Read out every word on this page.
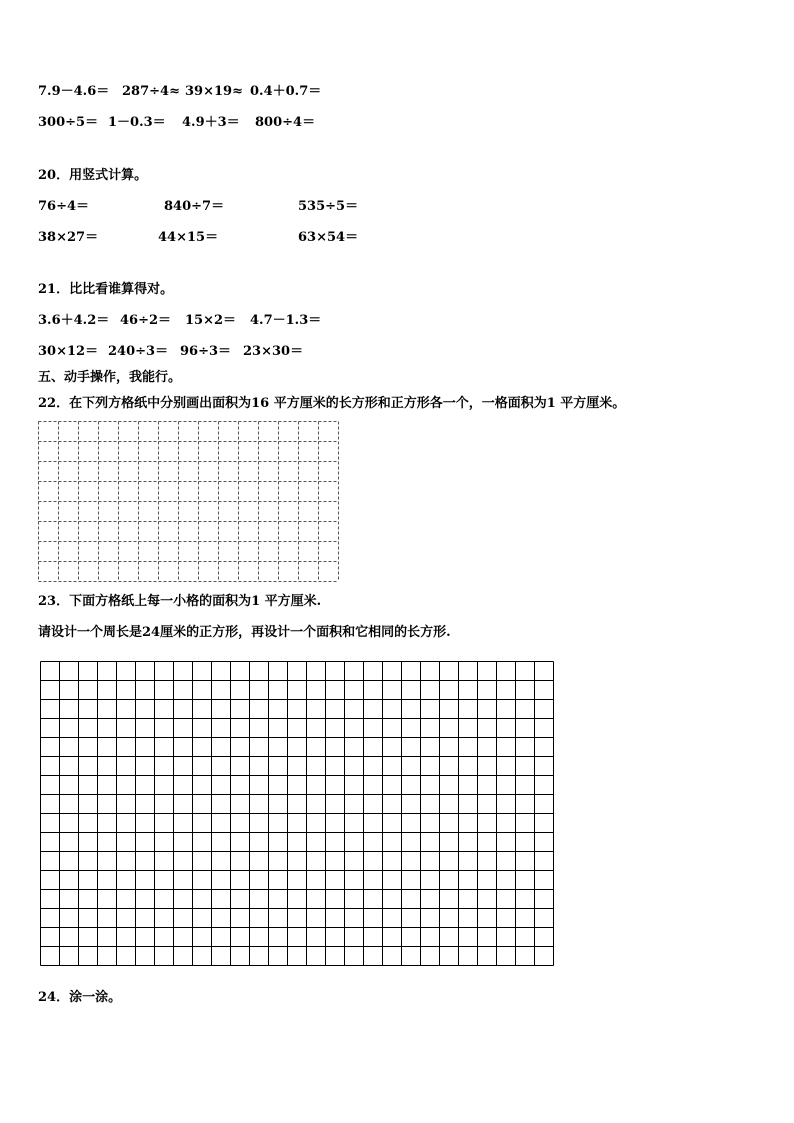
7.9－4.6＝ 287÷4≈ 39×19≈ 0.4＋0.7＝
300÷5＝ 1－0.3＝ 4.9＋3＝ 800÷4＝
20．用竖式计算。
76÷4＝	840÷7＝	535÷5＝
38×27＝	44×15＝	63×54＝
21．比比看谁算得对。
3.6＋4.2＝ 46÷2＝ 15×2＝ 4.7－1.3＝
30×12＝ 240÷3＝ 96÷3＝ 23×30＝
五、动手操作，我能行。
22．在下列方格纸中分别画出面积为16 平方厘米的长方形和正方形各一个，一格面积为1 平方厘米。
23．下面方格纸上每一小格的面积为1 平方厘米.
请设计一个周长是24厘米的正方形，再设计一个面积和它相同的长方形.
24．涂一涂。
